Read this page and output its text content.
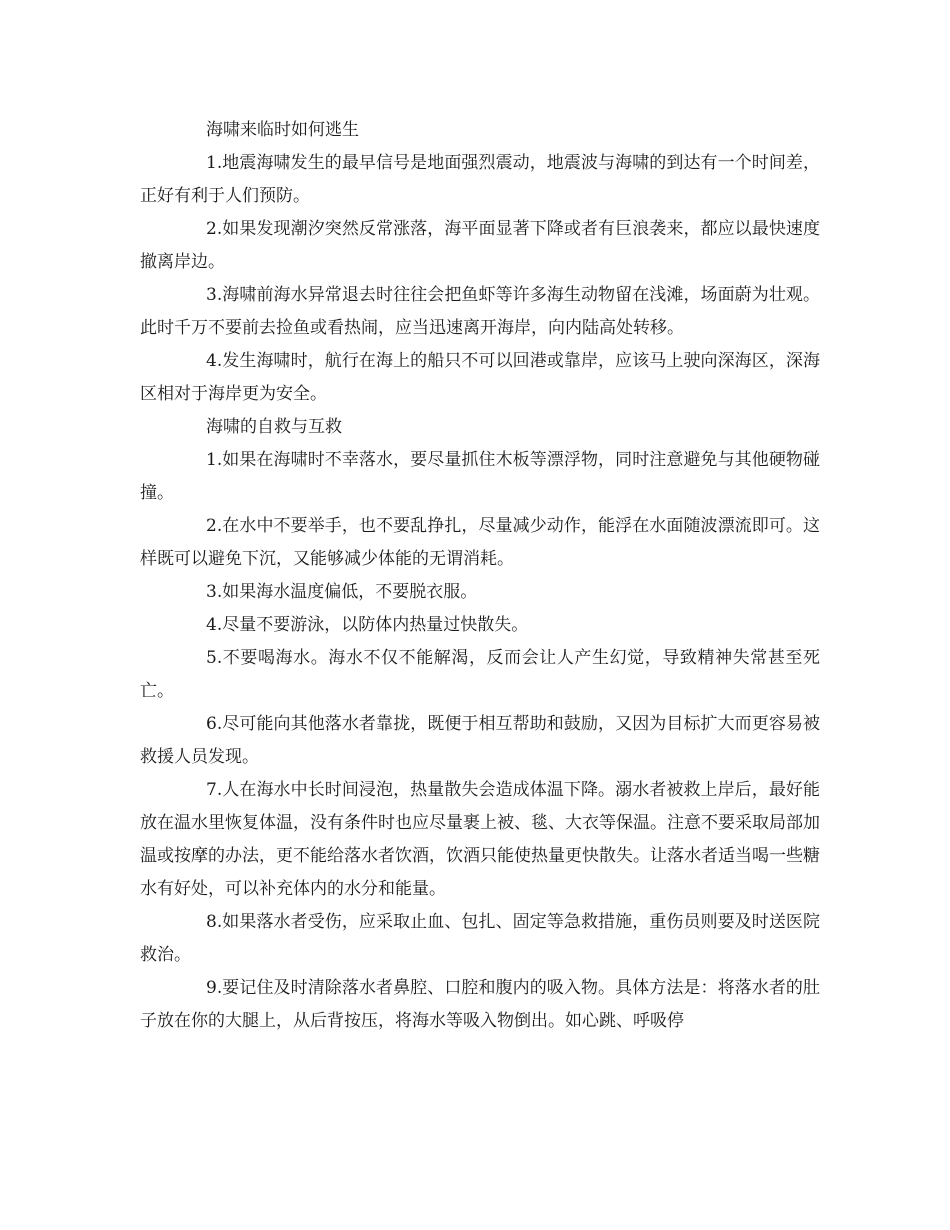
海啸来临时如何逃生

1.地震海啸发生的最早信号是地面强烈震动，地震波与海啸的到达有一个时间差，正好有利于人们预防。

2.如果发现潮汐突然反常涨落，海平面显著下降或者有巨浪袭来，都应以最快速度撤离岸边。

3.海啸前海水异常退去时往往会把鱼虾等许多海生动物留在浅滩，场面蔚为壮观。此时千万不要前去捡鱼或看热闹，应当迅速离开海岸，向内陆高处转移。

4.发生海啸时，航行在海上的船只不可以回港或靠岸，应该马上驶向深海区，深海区相对于海岸更为安全。

海啸的自救与互救

1.如果在海啸时不幸落水，要尽量抓住木板等漂浮物，同时注意避免与其他硬物碰撞。

2.在水中不要举手，也不要乱挣扎，尽量减少动作，能浮在水面随波漂流即可。这样既可以避免下沉，又能够减少体能的无谓消耗。

3.如果海水温度偏低，不要脱衣服。

4.尽量不要游泳，以防体内热量过快散失。

5.不要喝海水。海水不仅不能解渴，反而会让人产生幻觉，导致精神失常甚至死亡。

6.尽可能向其他落水者靠拢，既便于相互帮助和鼓励，又因为目标扩大而更容易被救援人员发现。

7.人在海水中长时间浸泡，热量散失会造成体温下降。溺水者被救上岸后，最好能放在温水里恢复体温，没有条件时也应尽量裹上被、毯、大衣等保温。注意不要采取局部加温或按摩的办法，更不能给落水者饮酒，饮酒只能使热量更快散失。让落水者适当喝一些糖水有好处，可以补充体内的水分和能量。

8.如果落水者受伤，应采取止血、包扎、固定等急救措施，重伤员则要及时送医院救治。

9.要记住及时清除落水者鼻腔、口腔和腹内的吸入物。具体方法是：将落水者的肚子放在你的大腿上，从后背按压，将海水等吸入物倒出。如心跳、呼吸停
